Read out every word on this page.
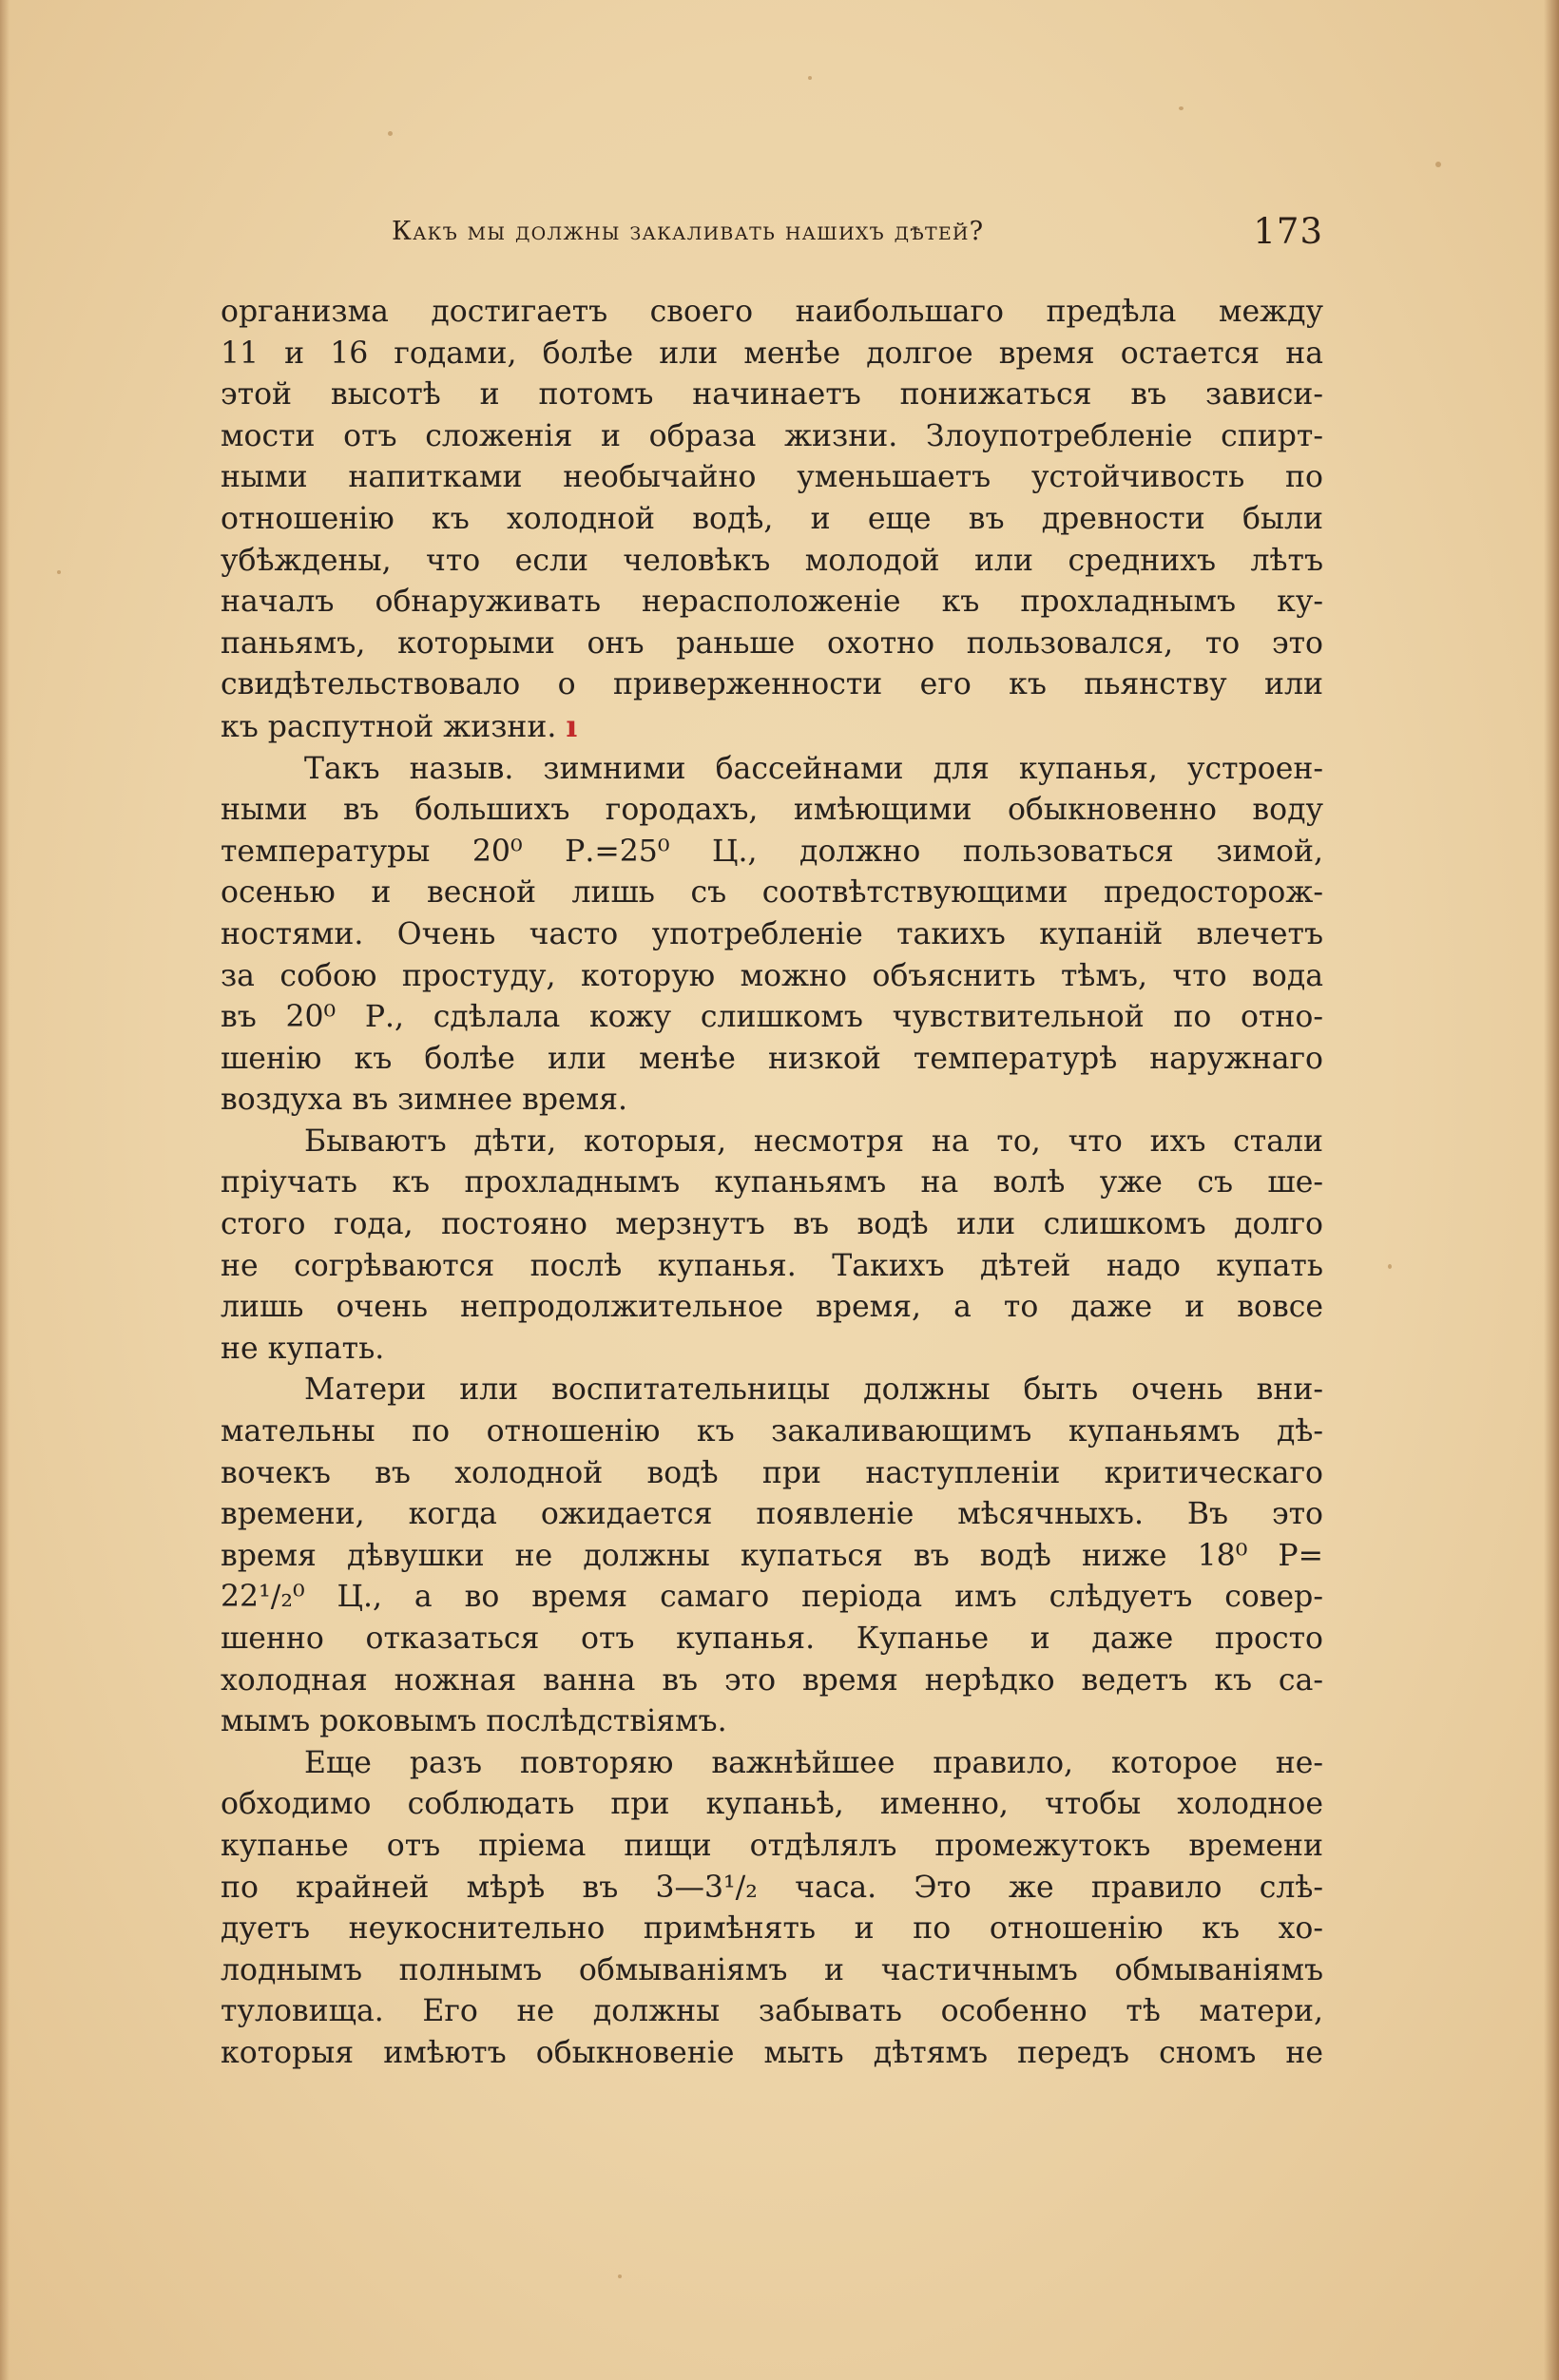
Какъ мы должны закаливать нашихъ дѣтей?	173
организма достигаетъ своего наибольшаго предѣла между
11 и 16 годами, болѣе или менѣе долгое время остается на
этой высотѣ и потомъ начинаетъ понижаться въ зависи-
мости отъ сложенія и образа жизни. Злоупотребленіе спирт-
ными напитками необычайно уменьшаетъ устойчивость по
отношенію къ холодной водѣ, и еще въ древности были
убѣждены, что если человѣкъ молодой или среднихъ лѣтъ
началъ обнаруживать нерасположеніе къ прохладнымъ ку-
паньямъ, которыми онъ раньше охотно пользовался, то это
свидѣтельствовало о приверженности его къ пьянству или
къ распутной жизни. ı
Такъ назыв. зимними бассейнами для купанья, устроен-
ными въ большихъ городахъ, имѣющими обыкновенно воду
температуры 20⁰ Р.=25⁰ Ц., должно пользоваться зимой,
осенью и весной лишь съ соотвѣтствующими предосторож-
ностями. Очень часто употребленіе такихъ купаній влечетъ
за собою простуду, которую можно объяснить тѣмъ, что вода
въ 20⁰ Р., сдѣлала кожу слишкомъ чувствительной по отно-
шенію къ болѣе или менѣе низкой температурѣ наружнаго
воздуха въ зимнее время.
Бываютъ дѣти, которыя, несмотря на то, что ихъ стали
пріучать къ прохладнымъ купаньямъ на волѣ уже съ ше-
стого года, постояно мерзнутъ въ водѣ или слишкомъ долго
не согрѣваются послѣ купанья. Такихъ дѣтей надо купать
лишь очень непродолжительное время, а то даже и вовсе
не купать.
Матери или воспитательницы должны быть очень вни-
мательны по отношенію къ закаливающимъ купаньямъ дѣ-
вочекъ въ холодной водѣ при наступленіи критическаго
времени, когда ожидается появленіе мѣсячныхъ. Въ это
время дѣвушки не должны купаться въ водѣ ниже 18⁰ Р=
22¹/₂⁰ Ц., а во время самаго періода имъ слѣдуетъ совер-
шенно отказаться отъ купанья. Купанье и даже просто
холодная ножная ванна въ это время нерѣдко ведетъ къ са-
мымъ роковымъ послѣдствіямъ.
Еще разъ повторяю важнѣйшее правило, которое не-
обходимо соблюдать при купаньѣ, именно, чтобы холодное
купанье отъ пріема пищи отдѣлялъ промежутокъ времени
по крайней мѣрѣ въ 3—3¹/₂ часа. Это же правило слѣ-
дуетъ неукоснительно примѣнять и по отношенію къ хо-
лоднымъ полнымъ обмываніямъ и частичнымъ обмываніямъ
туловища. Его не должны забывать особенно тѣ матери,
которыя имѣютъ обыкновеніе мыть дѣтямъ передъ сномъ не
